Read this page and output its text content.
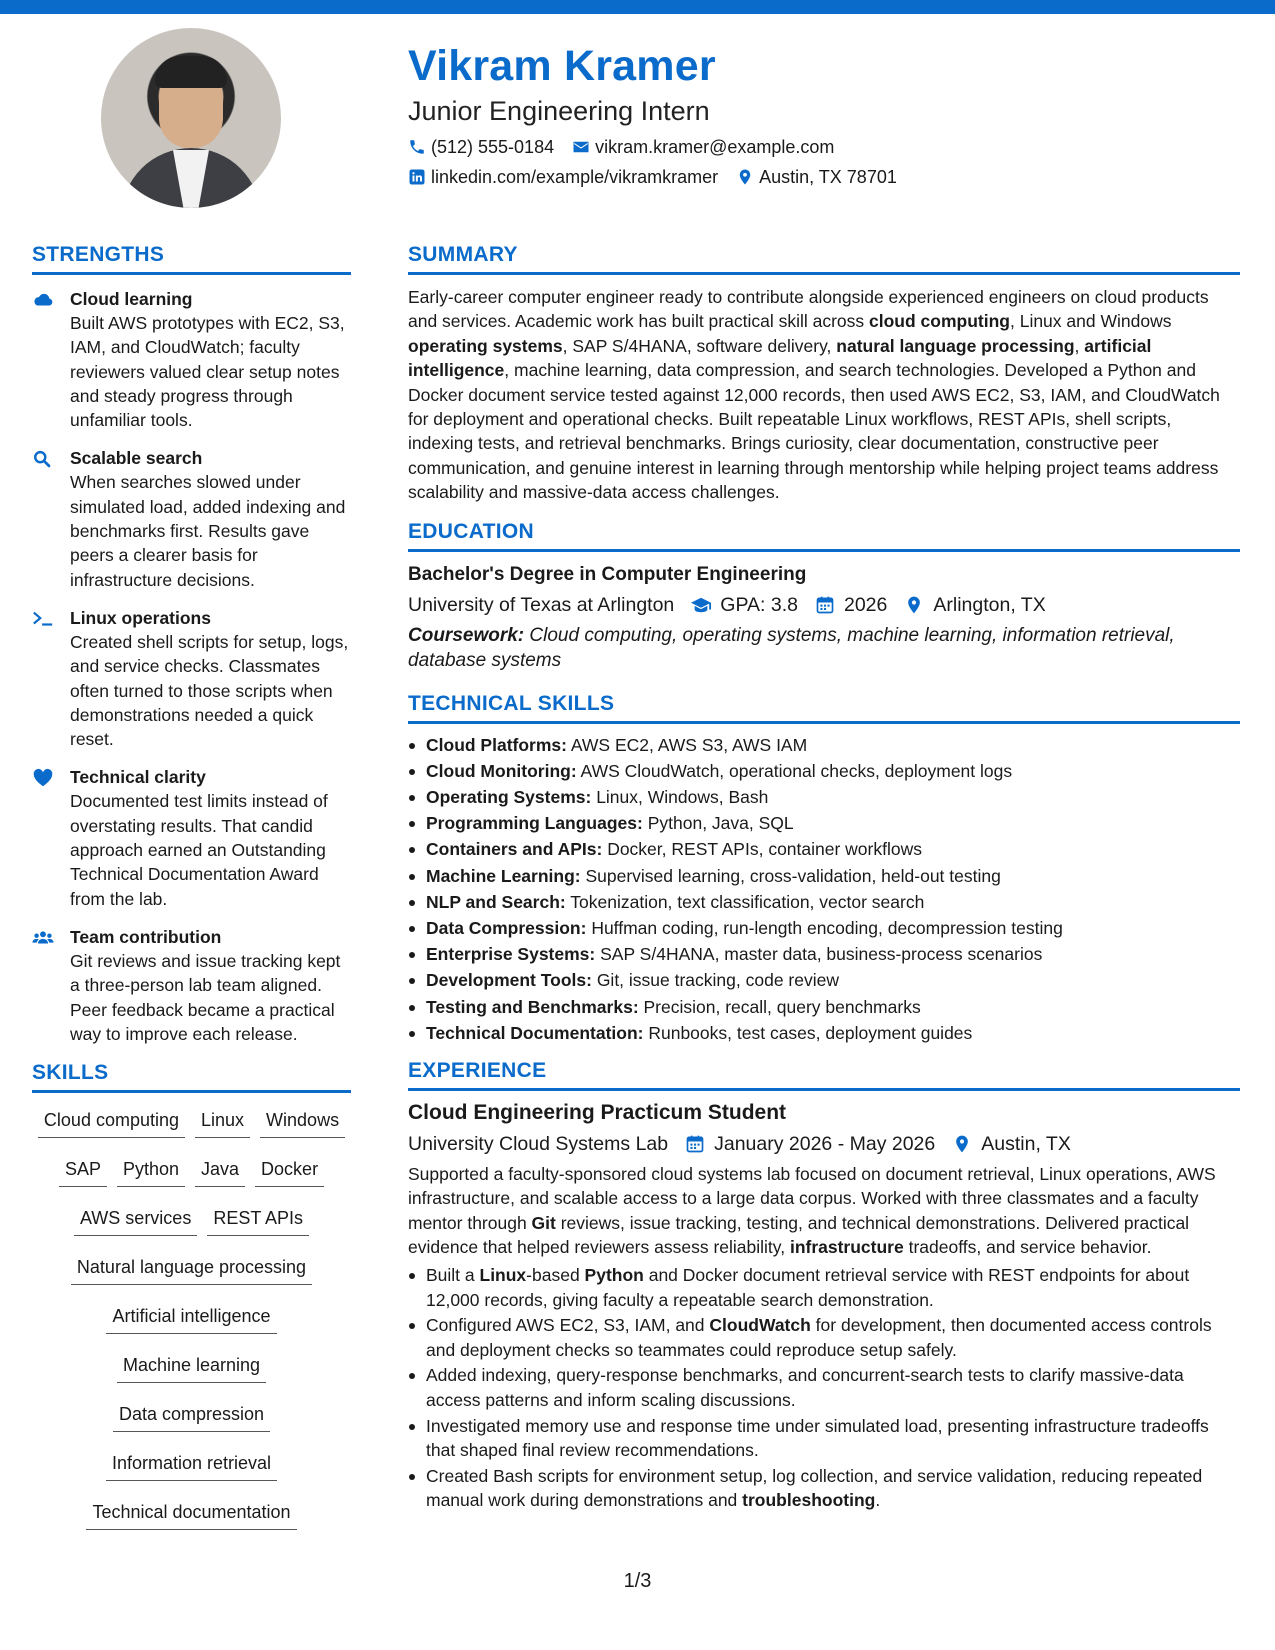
Vikram Kramer
Junior Engineering Intern
(512) 555-0184 vikram.kramer@example.com
linkedin.com/example/vikramkramer Austin, TX 78701
STRENGTHS
Cloud learning
Built AWS prototypes with EC2, S3, IAM, and CloudWatch; faculty reviewers valued clear setup notes and steady progress through unfamiliar tools.
Scalable search
When searches slowed under simulated load, added indexing and benchmarks first. Results gave peers a clearer basis for infrastructure decisions.
Linux operations
Created shell scripts for setup, logs, and service checks. Classmates often turned to those scripts when demonstrations needed a quick reset.
Technical clarity
Documented test limits instead of overstating results. That candid approach earned an Outstanding Technical Documentation Award from the lab.
Team contribution
Git reviews and issue tracking kept a three-person lab team aligned. Peer feedback became a practical way to improve each release.
SKILLS
Cloud computing	Linux	Windows
SAP	Python	Java	Docker
AWS services	REST APIs
Natural language processing
Artificial intelligence
Machine learning
Data compression
Information retrieval
Technical documentation
SUMMARY
Early-career computer engineer ready to contribute alongside experienced engineers on cloud products and services. Academic work has built practical skill across cloud computing, Linux and Windows operating systems, SAP S/4HANA, software delivery, natural language processing, artificial intelligence, machine learning, data compression, and search technologies. Developed a Python and Docker document service tested against 12,000 records, then used AWS EC2, S3, IAM, and CloudWatch for deployment and operational checks. Built repeatable Linux workflows, REST APIs, shell scripts, indexing tests, and retrieval benchmarks. Brings curiosity, clear documentation, constructive peer communication, and genuine interest in learning through mentorship while helping project teams address scalability and massive-data access challenges.
EDUCATION
Bachelor's Degree in Computer Engineering
University of Texas at Arlington GPA: 3.8 2026 Arlington, TX
Coursework: Cloud computing, operating systems, machine learning, information retrieval, database systems
TECHNICAL SKILLS
Cloud Platforms: AWS EC2, AWS S3, AWS IAM
Cloud Monitoring: AWS CloudWatch, operational checks, deployment logs
Operating Systems: Linux, Windows, Bash
Programming Languages: Python, Java, SQL
Containers and APIs: Docker, REST APIs, container workflows
Machine Learning: Supervised learning, cross-validation, held-out testing
NLP and Search: Tokenization, text classification, vector search
Data Compression: Huffman coding, run-length encoding, decompression testing
Enterprise Systems: SAP S/4HANA, master data, business-process scenarios
Development Tools: Git, issue tracking, code review
Testing and Benchmarks: Precision, recall, query benchmarks
Technical Documentation: Runbooks, test cases, deployment guides
EXPERIENCE
Cloud Engineering Practicum Student
University Cloud Systems Lab January 2026 - May 2026 Austin, TX
Supported a faculty-sponsored cloud systems lab focused on document retrieval, Linux operations, AWS infrastructure, and scalable access to a large data corpus. Worked with three classmates and a faculty mentor through Git reviews, issue tracking, testing, and technical demonstrations. Delivered practical evidence that helped reviewers assess reliability, infrastructure tradeoffs, and service behavior.
Built a Linux-based Python and Docker document retrieval service with REST endpoints for about 12,000 records, giving faculty a repeatable search demonstration.
Configured AWS EC2, S3, IAM, and CloudWatch for development, then documented access controls and deployment checks so teammates could reproduce setup safely.
Added indexing, query-response benchmarks, and concurrent-search tests to clarify massive-data access patterns and inform scaling discussions.
Investigated memory use and response time under simulated load, presenting infrastructure tradeoffs that shaped final review recommendations.
Created Bash scripts for environment setup, log collection, and service validation, reducing repeated manual work during demonstrations and troubleshooting.
1/3
